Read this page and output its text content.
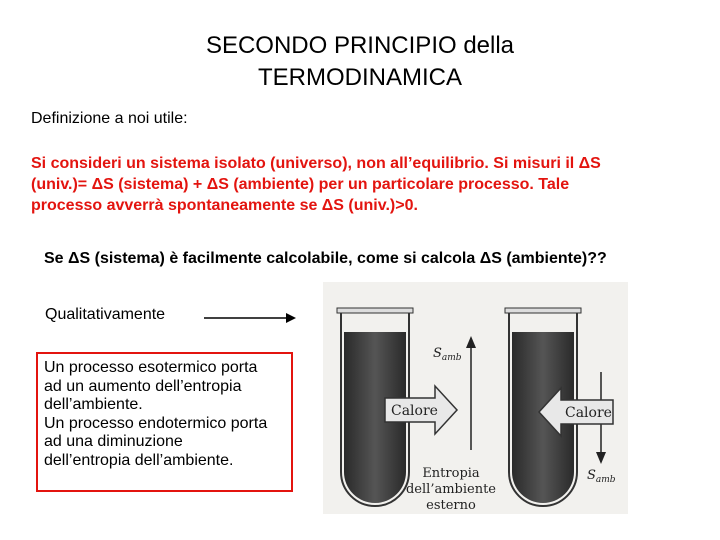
SECONDO PRINCIPIO della
TERMODINAMICA
Definizione a noi utile:
Si consideri un sistema isolato (universo), non all’equilibrio. Si misuri il ΔS
(univ.)= ΔS (sistema) + ΔS (ambiente) per un particolare processo. Tale
processo avverrà spontaneamente se ΔS (univ.)>0.
Se ΔS (sistema) è facilmente calcolabile, come si calcola ΔS (ambiente)??
Qualitativamente
Un processo esotermico porta
ad un aumento dell’entropia
dell’ambiente.
Un processo endotermico porta
ad una diminuzione
dell’entropia dell’ambiente.
$S_{amb}$
$S_{amb}$
Calore	Calore
Entropia
dell’ambiente
esterno
